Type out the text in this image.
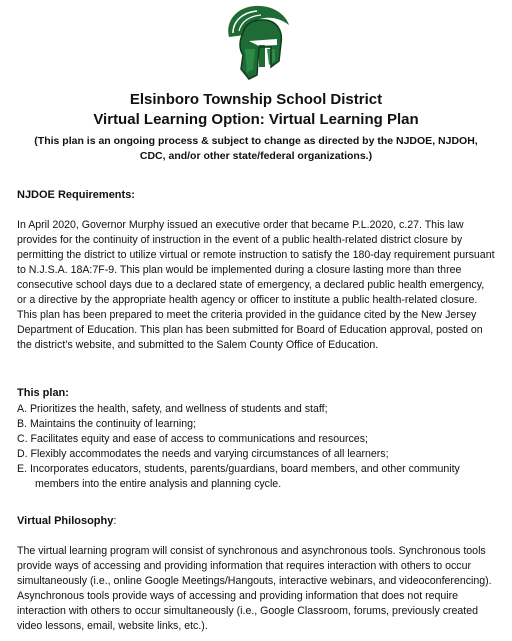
Elsinboro Township School District
Virtual Learning Option: Virtual Learning Plan
(This plan is an ongoing process & subject to change as directed by the NJDOE, NJDOH, CDC, and/or other state/federal organizations.)
NJDOE Requirements:

In April 2020, Governor Murphy issued an executive order that became P.L.2020, c.27. This law provides for the continuity of instruction in the event of a public health-related district closure by permitting the district to utilize virtual or remote instruction to satisfy the 180-day requirement pursuant to N.J.S.A. 18A:7F-9. This plan would be implemented during a closure lasting more than three consecutive school days due to a declared state of emergency, a declared public health emergency, or a directive by the appropriate health agency or officer to institute a public health-related closure. This plan has been prepared to meet the criteria provided in the guidance cited by the New Jersey Department of Education. This plan has been submitted for Board of Education approval, posted on the district’s website, and submitted to the Salem County Office of Education.

This plan:
A. Prioritizes the health, safety, and wellness of students and staff;
B. Maintains the continuity of learning;
C. Facilitates equity and ease of access to communications and resources;
D. Flexibly accommodates the needs and varying circumstances of all learners;
E. Incorporates educators, students, parents/guardians, board members, and other community
members into the entire analysis and planning cycle.
Virtual Philosophy:

The virtual learning program will consist of synchronous and asynchronous tools. Synchronous tools provide ways of accessing and providing information that requires interaction with others to occur simultaneously (i.e., online Google Meetings/Hangouts, interactive webinars, and videoconferencing). Asynchronous tools provide ways of accessing and providing information that does not require interaction with others to occur simultaneously (i.e., Google Classroom, forums, previously created video lessons, email, website links, etc.).
